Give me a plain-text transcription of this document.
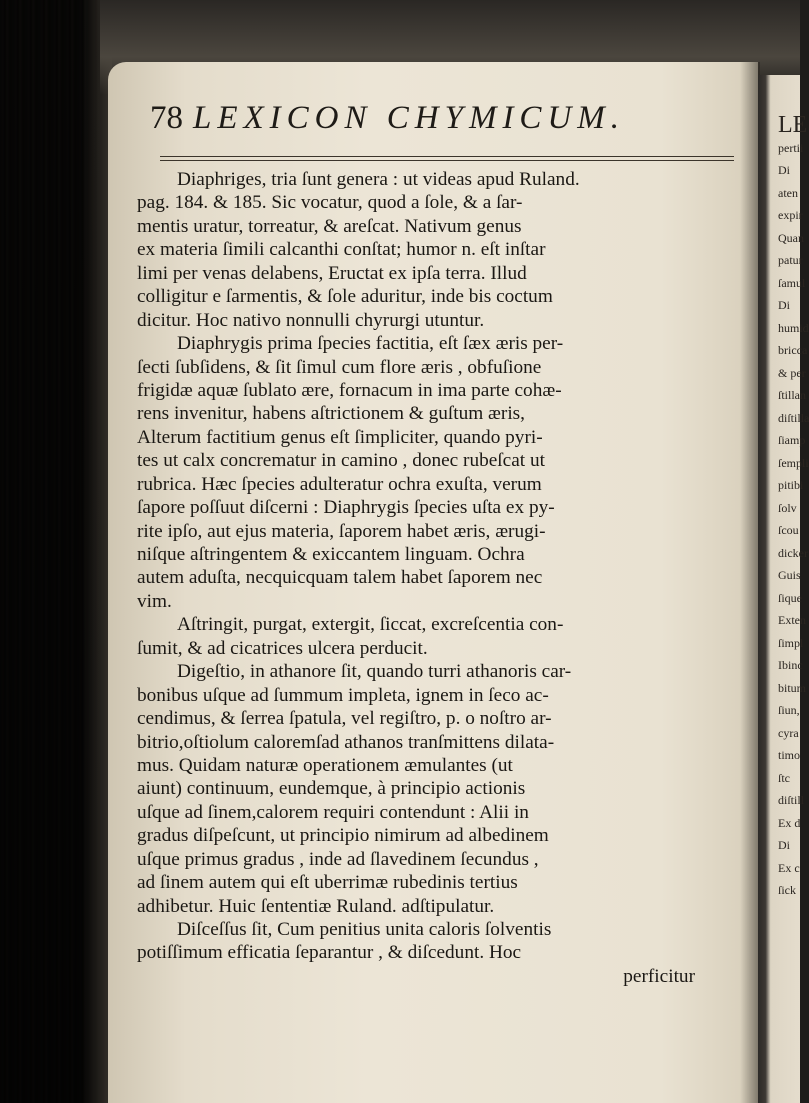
LE
pertii
Di
aten
expir
Quan
patur
ſamul
Di
humid
bricca
& per
ſtillan
diſtilla
ſiamp
ſempli
pitibi
ſolv
ſcou
dicker
Guis
ſique
Exten
ſimpl
Ibinc
bitum
ſiun,
cyra
timo
ſtc
diſtill
Ex d
Di
Ex c
ſick
78 LEXICON CHYMICUM.
Diaphriges, tria ſunt genera : ut videas apud Ruland.
pag. 184. & 185. Sic vocatur, quod a ſole, & a ſar-
mentis uratur, torreatur, & areſcat. Nativum genus
ex materia ſimili calcanthi conſtat; humor n. eſt inſtar
limi per venas delabens, Eructat ex ipſa terra. Illud
colligitur e ſarmentis, & ſole aduritur, inde bis coctum
dicitur. Hoc nativo nonnulli chyrurgi utuntur.
Diaphrygis prima ſpecies factitia, eſt ſæx æris per-
ſecti ſubſidens, & ſit ſimul cum flore æris , obfuſione
frigidæ aquæ ſublato ære, fornacum in ima parte cohæ-
rens invenitur, habens aſtrictionem & guſtum æris,
Alterum factitium genus eſt ſimpliciter, quando pyri-
tes ut calx concrematur in camino , donec rubeſcat ut
rubrica. Hæc ſpecies adulteratur ochra exuſta, verum
ſapore poſſuut diſcerni : Diaphrygis ſpecies uſta ex py-
rite ipſo, aut ejus materia, ſaporem habet æris, ærugi-
niſque aſtringentem & exiccantem linguam. Ochra
autem aduſta, necquicquam talem habet ſaporem nec
vim.
Aſtringit, purgat, extergit, ſiccat, excreſcentia con-
ſumit, & ad cicatrices ulcera perducit.
Digeſtio, in athanore ſit, quando turri athanoris car-
bonibus uſque ad ſummum impleta, ignem in ſeco ac-
cendimus, & ſerrea ſpatula, vel regiſtro, p. o noſtro ar-
bitrio,oſtiolum caloremſad athanos tranſmittens dilata-
mus. Quidam naturæ operationem æmulantes (ut
aiunt) continuum, eundemque, à principio actionis
uſque ad ſinem,calorem requiri contendunt : Alii in
gradus diſpeſcunt, ut principio nimirum ad albedinem
uſque primus gradus , inde ad ſlavedinem ſecundus ,
ad ſinem autem qui eſt uberrimæ rubedinis tertius
adhibetur. Huic ſententiæ Ruland. adſtipulatur.
Diſceſſus ſit, Cum penitius unita caloris ſolventis
potiſſimum efficatia ſeparantur , & diſcedunt. Hoc
perficitur
